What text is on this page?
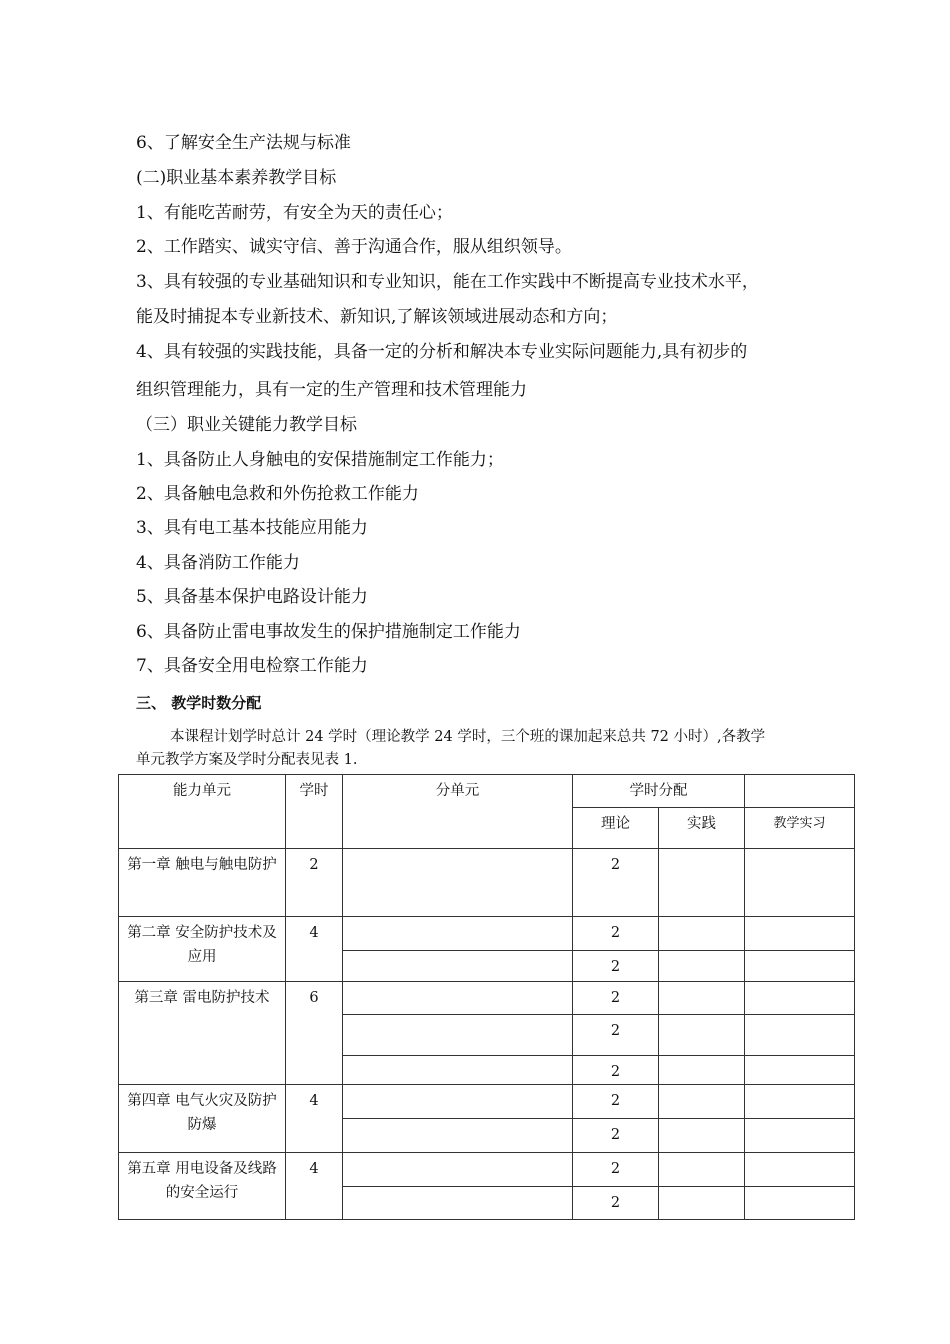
6、了解安全生产法规与标准
(二)职业基本素养教学目标
1、有能吃苦耐劳，有安全为天的责任心；
2、工作踏实、诚实守信、善于沟通合作，服从组织领导。
3、具有较强的专业基础知识和专业知识，能在工作实践中不断提高专业技术水平，
能及时捕捉本专业新技术、新知识,了解该领域进展动态和方向；
4、具有较强的实践技能，具备一定的分析和解决本专业实际问题能力,具有初步的
组织管理能力，具有一定的生产管理和技术管理能力
（三）职业关键能力教学目标
1、具备防止人身触电的安保措施制定工作能力；
2、具备触电急救和外伤抢救工作能力
3、具有电工基本技能应用能力
4、具备消防工作能力
5、具备基本保护电路设计能力
6、具备防止雷电事故发生的保护措施制定工作能力
7、具备安全用电检察工作能力
三、 教学时数分配
本课程计划学时总计 24 学时（理论教学 24 学时，三个班的课加起来总共 72 小时）,各教学
单元教学方案及学时分配表见表 1.
能力单元	学时	分单元	学时分配		
			理论	实践	教学实习
第一章 触电与触电防护	2		2		
第二章 安全防护技术及应用	4		2		
			2		
第三章 雷电防护技术	6		2		
			2		
			2		
第四章 电气火灾及防护防爆	4		2		
			2		
第五章 用电设备及线路的安全运行	4		2		
			2		
